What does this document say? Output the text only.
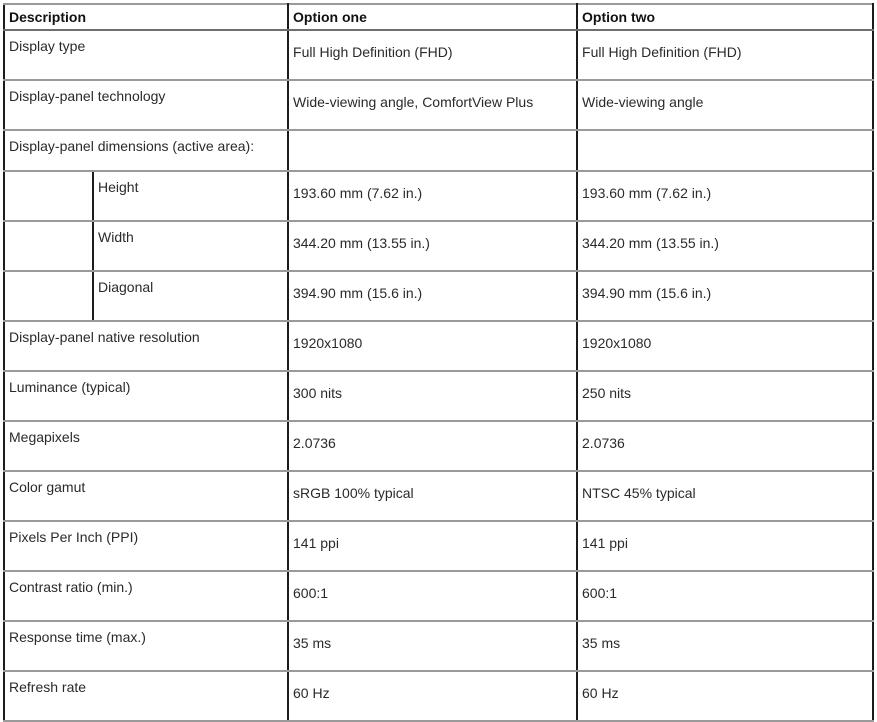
Description		Option one	Option two
Display type		Full High Definition (FHD)	Full High Definition (FHD)
Display-panel technology		Wide-viewing angle, ComfortView Plus	Wide-viewing angle
Display-panel dimensions (active area):			
	Height	193.60 mm (7.62 in.)	193.60 mm (7.62 in.)
	Width	344.20 mm (13.55 in.)	344.20 mm (13.55 in.)
	Diagonal	394.90 mm (15.6 in.)	394.90 mm (15.6 in.)
Display-panel native resolution		1920x1080	1920x1080
Luminance (typical)		300 nits	250 nits
Megapixels		2.0736	2.0736
Color gamut		sRGB 100% typical	NTSC 45% typical
Pixels Per Inch (PPI)		141 ppi	141 ppi
Contrast ratio (min.)		600:1	600:1
Response time (max.)		35 ms	35 ms
Refresh rate		60 Hz	60 Hz
